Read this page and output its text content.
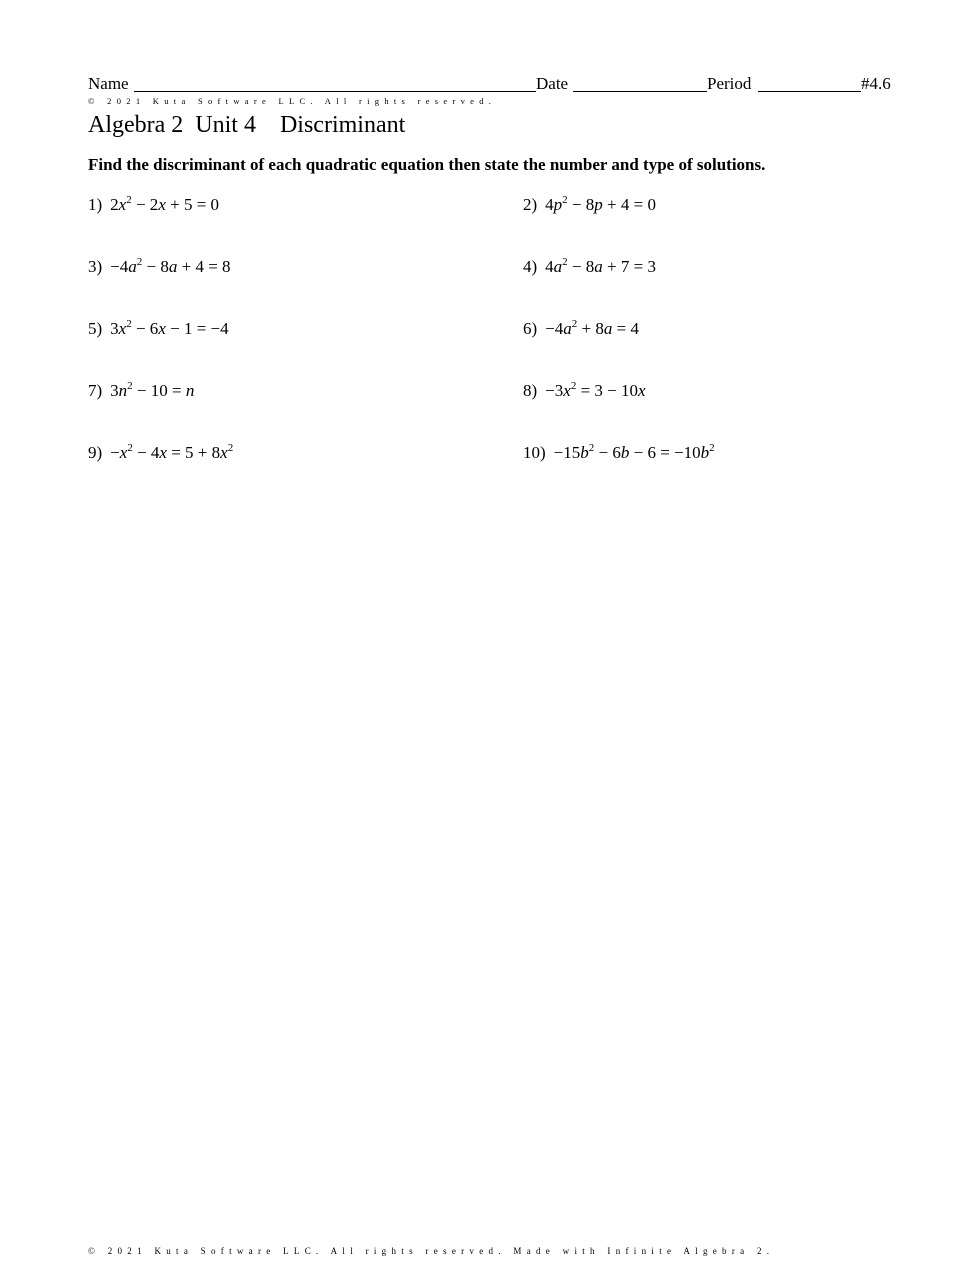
Name	Date	Period	#4.6
© 2021 Kuta Software LLC. All rights reserved.
Algebra 2  Unit 4    Discriminant
Find the discriminant of each quadratic equation then state the number and type of solutions.
1) $2x^2 - 2x + 5 = 0$	2) $4p^2 - 8p + 4 = 0$
$3) -4a^2 - 8a + 4 = 8$	4) $4a^2 - 8a + 7 = 3$
5) $3x^2 - 6x - 1 = -4$	$6) -4a^2 + 8a = 4$
7) $3n^2 - 10 = n$	$8) -3x^2 = 3 - 10x$
$9) -x^2 - 4x = 5 + 8x^2$	$10) -15b^2 - 6b - 6 = -10b^2$
© 2021 Kuta Software LLC. All rights reserved. Made with Infinite Algebra 2.
